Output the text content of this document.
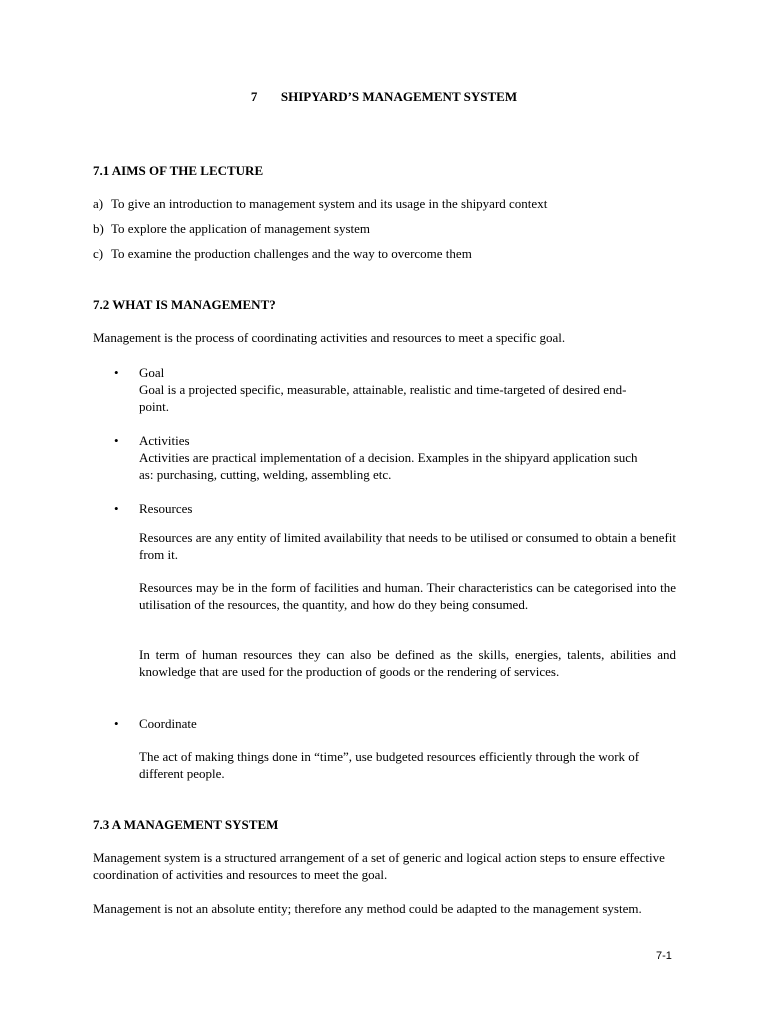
7 SHIPYARD’S MANAGEMENT SYSTEM
7.1 AIMS OF THE LECTURE
a) To give an introduction to management system and its usage in the shipyard context
b) To explore the application of management system
c) To examine the production challenges and the way to overcome them
7.2 WHAT IS MANAGEMENT?
Management is the process of coordinating activities and resources to meet a specific goal.
• Goal
Goal is a projected specific, measurable, attainable, realistic and time-targeted of desired end-point.
• Activities
Activities are practical implementation of a decision. Examples in the shipyard application such as: purchasing, cutting, welding, assembling etc.
• Resources
Resources are any entity of limited availability that needs to be utilised or consumed to obtain a benefit from it.
Resources may be in the form of facilities and human. Their characteristics can be categorised into the utilisation of the resources, the quantity, and how do they being consumed.
In term of human resources they can also be defined as the skills, energies, talents, abilities and knowledge that are used for the production of goods or the rendering of services.
• Coordinate
The act of making things done in “time”, use budgeted resources efficiently through the work of different people.
7.3 A MANAGEMENT SYSTEM
Management system is a structured arrangement of a set of generic and logical action steps to ensure effective coordination of activities and resources to meet the goal.
Management is not an absolute entity; therefore any method could be adapted to the management system.
7-1
